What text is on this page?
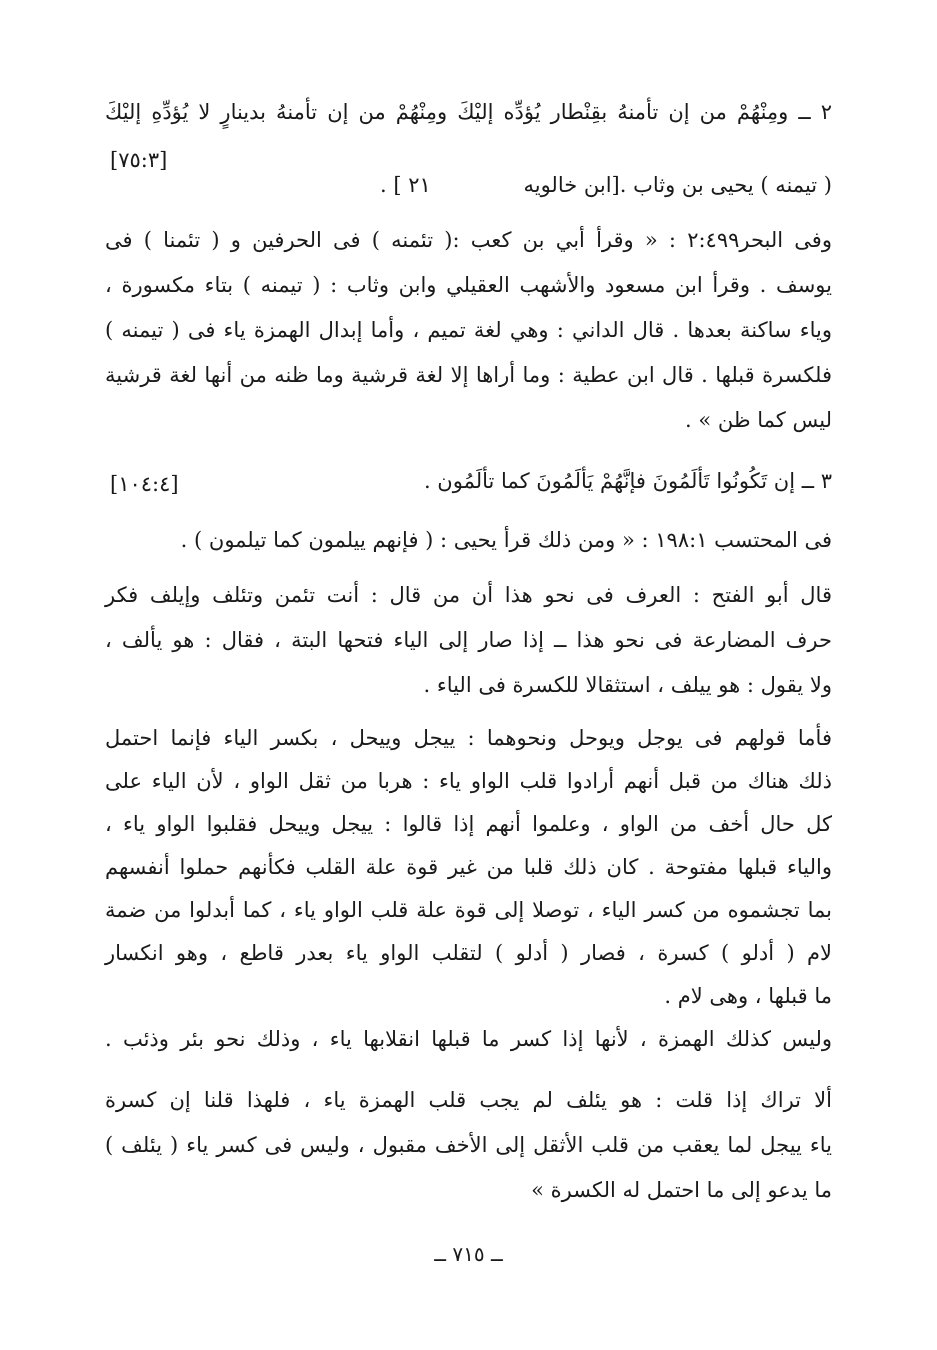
٢ ــ ومِنْهُمْ من إن تأمنهُ بقِنْطار يُؤدِّه إليْكَ ومِنْهُمْ من إن تأمنهُ بدينارٍ لا يُؤدِّهِ إليْكَ
[٧٥:٣]
( تيمنه ) يحيى بن وثاب .[ابن خالويه
٢١ ] .
وفى البحر٢:٤٩٩ : « وقرأ أبي بن كعب :( تئمنه ) فى الحرفين و ( تئمنا ) فى
يوسف . وقرأ ابن مسعود والأشهب العقيلي وابن وثاب : ( تيمنه ) بتاء مكسورة ،
وياء ساكنة بعدها . قال الداني : وهي لغة تميم ، وأما إبدال الهمزة ياء فى ( تيمنه )
فلكسرة قبلها . قال ابن عطية : وما أراها إلا لغة قرشية وما ظنه من أنها لغة قرشية
ليس كما ظن » .
٣ ــ إن تَكُونُوا تَألَمُونَ فإنَّهُمْ يَألَمُونَ كما تألَمُون .
[١٠٤:٤]
فى المحتسب ١٩٨:١ : « ومن ذلك قرأ يحيى : ( فإنهم ييلمون كما تيلمون ) .
قال أبو الفتح : العرف فى نحو هذا أن من قال : أنت تئمن وتئلف وإيلف فكر
حرف المضارعة فى نحو هذا ــ إذا صار إلى الياء فتحها البتة ، فقال : هو يألف ،
ولا يقول : هو ييلف ، استثقالا للكسرة فى الياء .
فأما قولهم فى يوجل ويوحل ونحوهما : ييجل وييحل ، بكسر الياء فإنما احتمل
ذلك هناك من قبل أنهم أرادوا قلب الواو ياء : هربا من ثقل الواو ، لأن الياء على
كل حال أخف من الواو ، وعلموا أنهم إذا قالوا : ييجل وييحل فقلبوا الواو ياء ،
والياء قبلها مفتوحة . كان ذلك قلبا من غير قوة علة القلب فكأنهم حملوا أنفسهم
بما تجشموه من كسر الياء ، توصلا إلى قوة علة قلب الواو ياء ، كما أبدلوا من ضمة
لام ( أدلو ) كسرة ، فصار ( أدلو ) لتقلب الواو ياء بعدر قاطع ، وهو انكسار
ما قبلها ، وهى لام .
وليس كذلك الهمزة ، لأنها إذا كسر ما قبلها انقلابها ياء ، وذلك نحو بئر وذئب .
ألا تراك إذا قلت : هو يئلف لم يجب قلب الهمزة ياء ، فلهذا قلنا إن كسرة
ياء ييجل لما يعقب من قلب الأثقل إلى الأخف مقبول ، وليس فى كسر ياء ( يئلف )
ما يدعو إلى ما احتمل له الكسرة »
ــ ٧١٥ ــ
